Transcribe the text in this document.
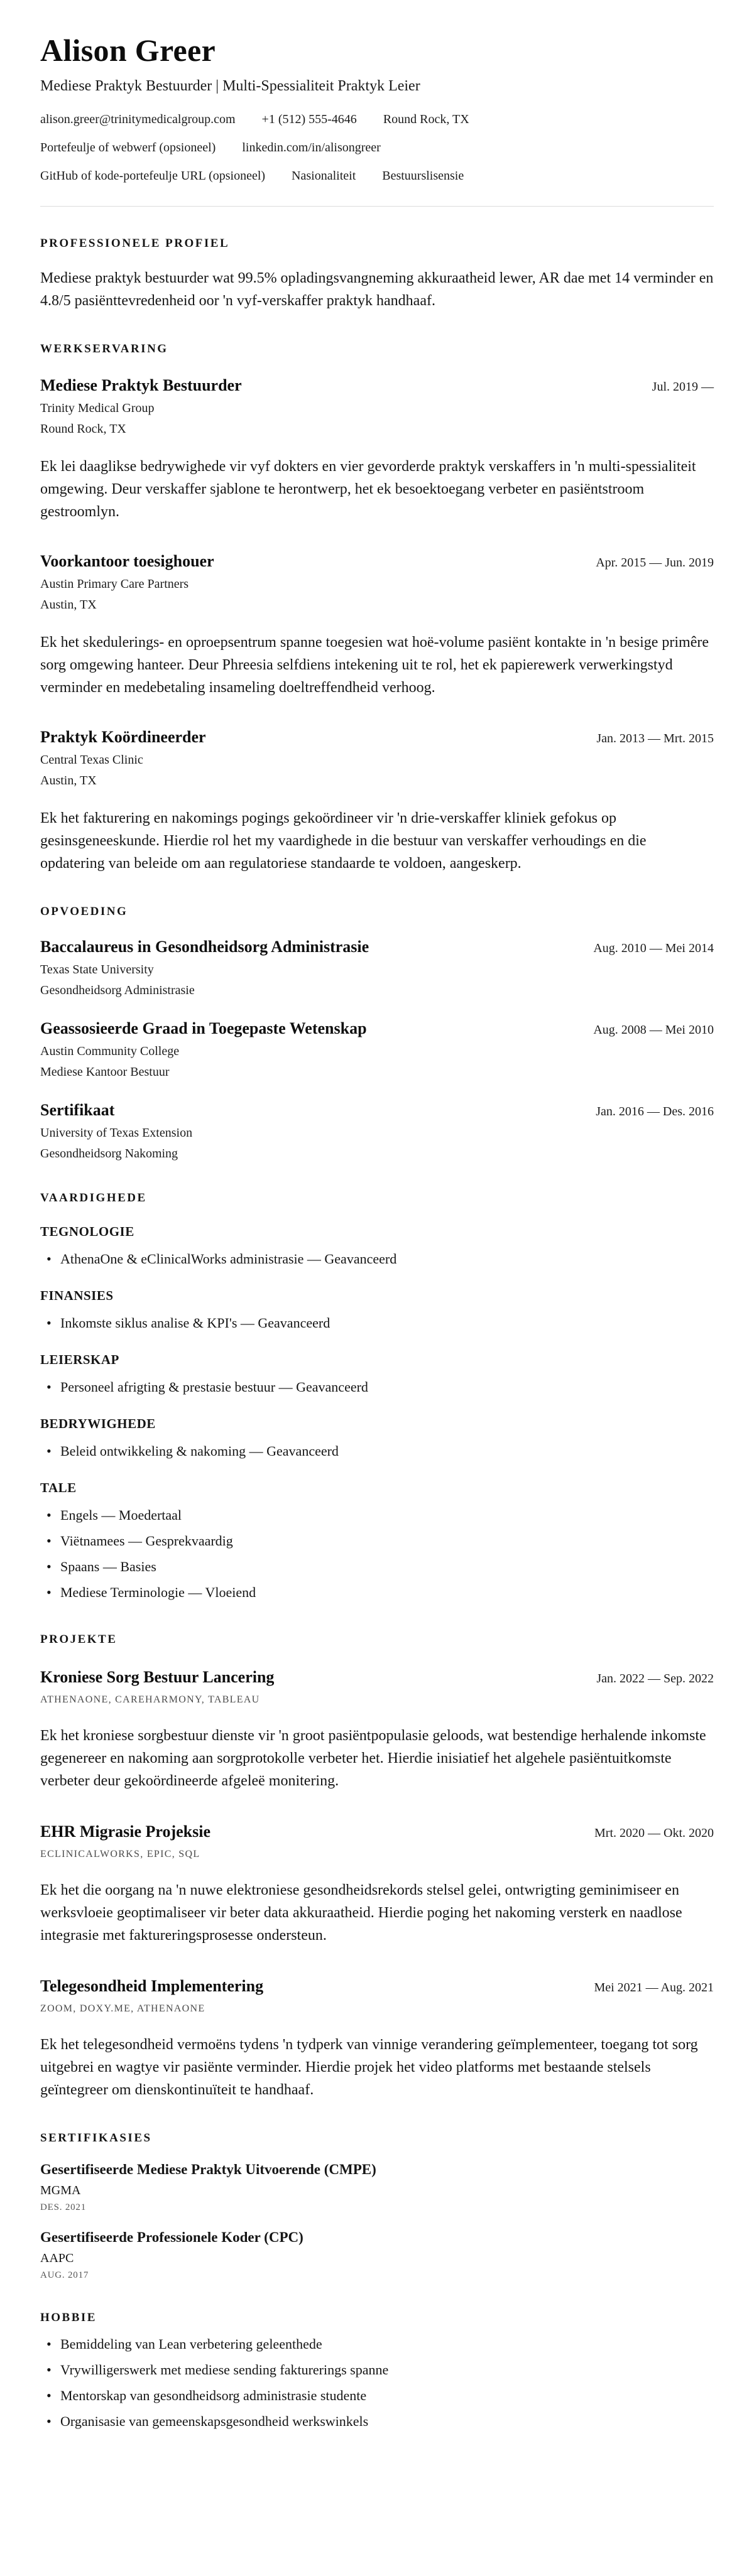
Alison Greer
Mediese Praktyk Bestuurder | Multi-Spessialiteit Praktyk Leier
alison.greer@trinitymedicalgroup.com +1 (512) 555-4646 Round Rock, TX
Portefeulje of webwerf (opsioneel) linkedin.com/in/alisongreer
GitHub of kode-portefeulje URL (opsioneel) Nasionaliteit Bestuurslisensie
PROFESSIONELE PROFIEL

Mediese praktyk bestuurder wat 99.5% opladingsvangneming akkuraatheid lewer, AR dae met 14 verminder en 4.8/5 pasiënttevredenheid oor 'n vyf-verskaffer praktyk handhaaf.

WERKSERVARING
Mediese Praktyk Bestuurder	Jul. 2019 —
Trinity Medical Group
Round Rock, TX

Ek lei daaglikse bedrywighede vir vyf dokters en vier gevorderde praktyk verskaffers in 'n multi-spessialiteit omgewing. Deur verskaffer sjablone te herontwerp, het ek besoektoegang verbeter en pasiëntstroom gestroomlyn.

Voorkantoor toesighouer	Apr. 2015 — Jun. 2019
Austin Primary Care Partners
Austin, TX

Ek het skedulerings- en oproepsentrum spanne toegesien wat hoë-volume pasiënt kontakte in 'n besige primêre sorg omgewing hanteer. Deur Phreesia selfdiens intekening uit te rol, het ek papierewerk verwerkingstyd verminder en medebetaling insameling doeltreffendheid verhoog.

Praktyk Koördineerder	Jan. 2013 — Mrt. 2015
Central Texas Clinic
Austin, TX

Ek het fakturering en nakomings pogings gekoördineer vir 'n drie-verskaffer kliniek gefokus op gesinsgeneeskunde. Hierdie rol het my vaardighede in die bestuur van verskaffer verhoudings en die opdatering van beleide om aan regulatoriese standaarde te voldoen, aangeskerp.

OPVOEDING
Baccalaureus in Gesondheidsorg Administrasie	Aug. 2010 — Mei 2014
Texas State University
Gesondheidsorg Administrasie
Geassosieerde Graad in Toegepaste Wetenskap	Aug. 2008 — Mei 2010
Austin Community College
Mediese Kantoor Bestuur
Sertifikaat	Jan. 2016 — Des. 2016
University of Texas Extension
Gesondheidsorg Nakoming
VAARDIGHEDE
TEGNOLOGIE
• AthenaOne & eClinicalWorks administrasie — Geavanceerd
FINANSIES
• Inkomste siklus analise & KPI's — Geavanceerd
LEIERSKAP
• Personeel afrigting & prestasie bestuur — Geavanceerd
BEDRYWIGHEDE
• Beleid ontwikkeling & nakoming — Geavanceerd
TALE
• Engels — Moedertaal
• Viëtnamees — Gesprekvaardig
• Spaans — Basies
• Mediese Terminologie — Vloeiend
PROJEKTE
Kroniese Sorg Bestuur Lancering	Jan. 2022 — Sep. 2022
ATHENAONE, CAREHARMONY, TABLEAU

Ek het kroniese sorgbestuur dienste vir 'n groot pasiëntpopulasie geloods, wat bestendige herhalende inkomste gegenereer en nakoming aan sorgprotokolle verbeter het. Hierdie inisiatief het algehele pasiëntuitkomste verbeter deur gekoördineerde afgeleë monitering.

EHR Migrasie Projeksie	Mrt. 2020 — Okt. 2020
ECLINICALWORKS, EPIC, SQL

Ek het die oorgang na 'n nuwe elektroniese gesondheidsrekords stelsel gelei, ontwrigting geminimiseer en werksvloeie geoptimaliseer vir beter data akkuraatheid. Hierdie poging het nakoming versterk en naadlose integrasie met faktureringsprosesse ondersteun.

Telegesondheid Implementering	Mei 2021 — Aug. 2021
ZOOM, DOXY.ME, ATHENAONE

Ek het telegesondheid vermoëns tydens 'n tydperk van vinnige verandering geïmplementeer, toegang tot sorg uitgebrei en wagtye vir pasiënte verminder. Hierdie projek het video platforms met bestaande stelsels geïntegreer om dienskontinuïteit te handhaaf.

SERTIFIKASIES
Gesertifiseerde Mediese Praktyk Uitvoerende (CMPE)
MGMA
DES. 2021
Gesertifiseerde Professionele Koder (CPC)
AAPC
AUG. 2017
HOBBIE
• Bemiddeling van Lean verbetering geleenthede
• Vrywilligerswerk met mediese sending fakturerings spanne
• Mentorskap van gesondheidsorg administrasie studente
• Organisasie van gemeenskapsgesondheid werkswinkels
